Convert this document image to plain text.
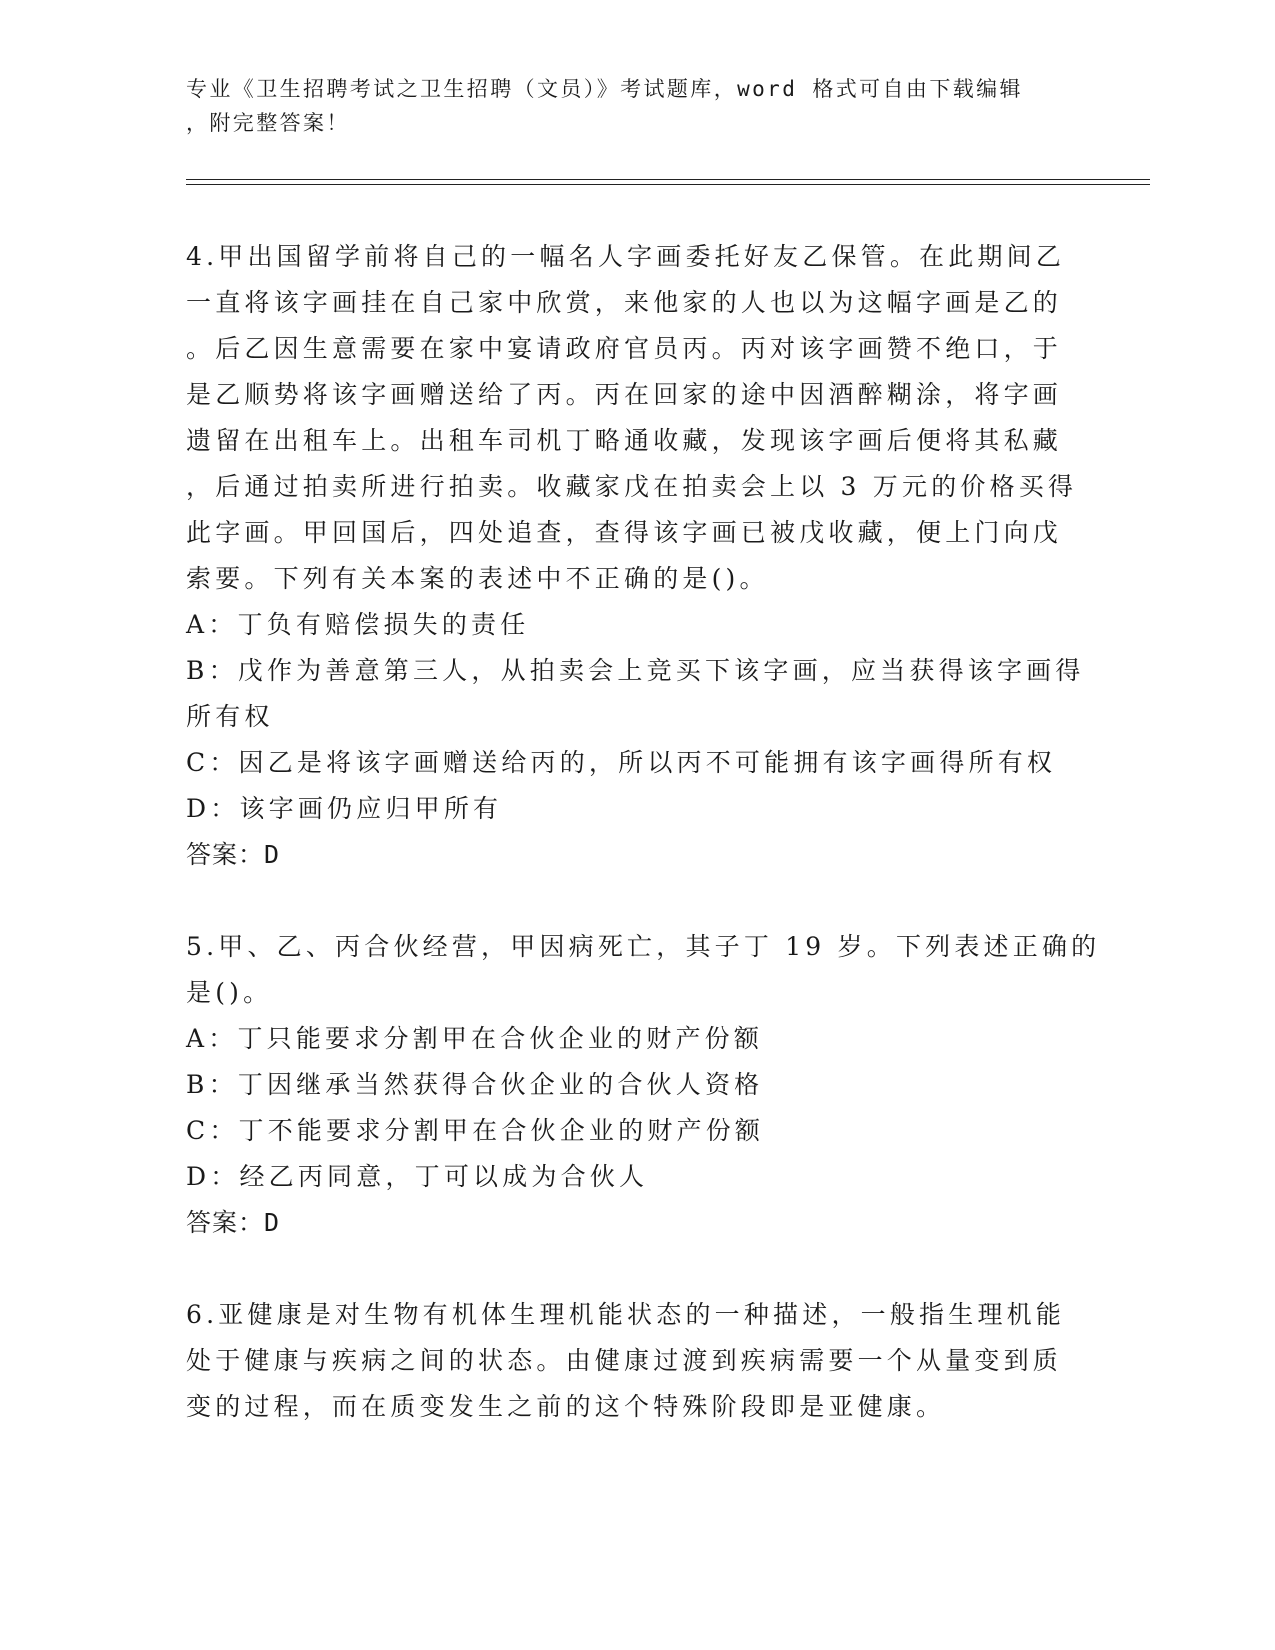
专业《卫生招聘考试之卫生招聘（文员）》考试题库，word 格式可自由下载编辑
，附完整答案！
4.甲出国留学前将自己的一幅名人字画委托好友乙保管。在此期间乙
一直将该字画挂在自己家中欣赏，来他家的人也以为这幅字画是乙的
。后乙因生意需要在家中宴请政府官员丙。丙对该字画赞不绝口，于
是乙顺势将该字画赠送给了丙。丙在回家的途中因酒醉糊涂，将字画
遗留在出租车上。出租车司机丁略通收藏，发现该字画后便将其私藏
，后通过拍卖所进行拍卖。收藏家戊在拍卖会上以 3 万元的价格买得
此字画。甲回国后，四处追查，查得该字画已被戊收藏，便上门向戊
索要。下列有关本案的表述中不正确的是()。
A：丁负有赔偿损失的责任
B：戊作为善意第三人，从拍卖会上竞买下该字画，应当获得该字画得
所有权
C：因乙是将该字画赠送给丙的，所以丙不可能拥有该字画得所有权
D：该字画仍应归甲所有
答案：D
5.甲、乙、丙合伙经营，甲因病死亡，其子丁 19 岁。下列表述正确的
是()。
A：丁只能要求分割甲在合伙企业的财产份额
B：丁因继承当然获得合伙企业的合伙人资格
C：丁不能要求分割甲在合伙企业的财产份额
D：经乙丙同意，丁可以成为合伙人
答案：D
6.亚健康是对生物有机体生理机能状态的一种描述，一般指生理机能
处于健康与疾病之间的状态。由健康过渡到疾病需要一个从量变到质
变的过程，而在质变发生之前的这个特殊阶段即是亚健康。
